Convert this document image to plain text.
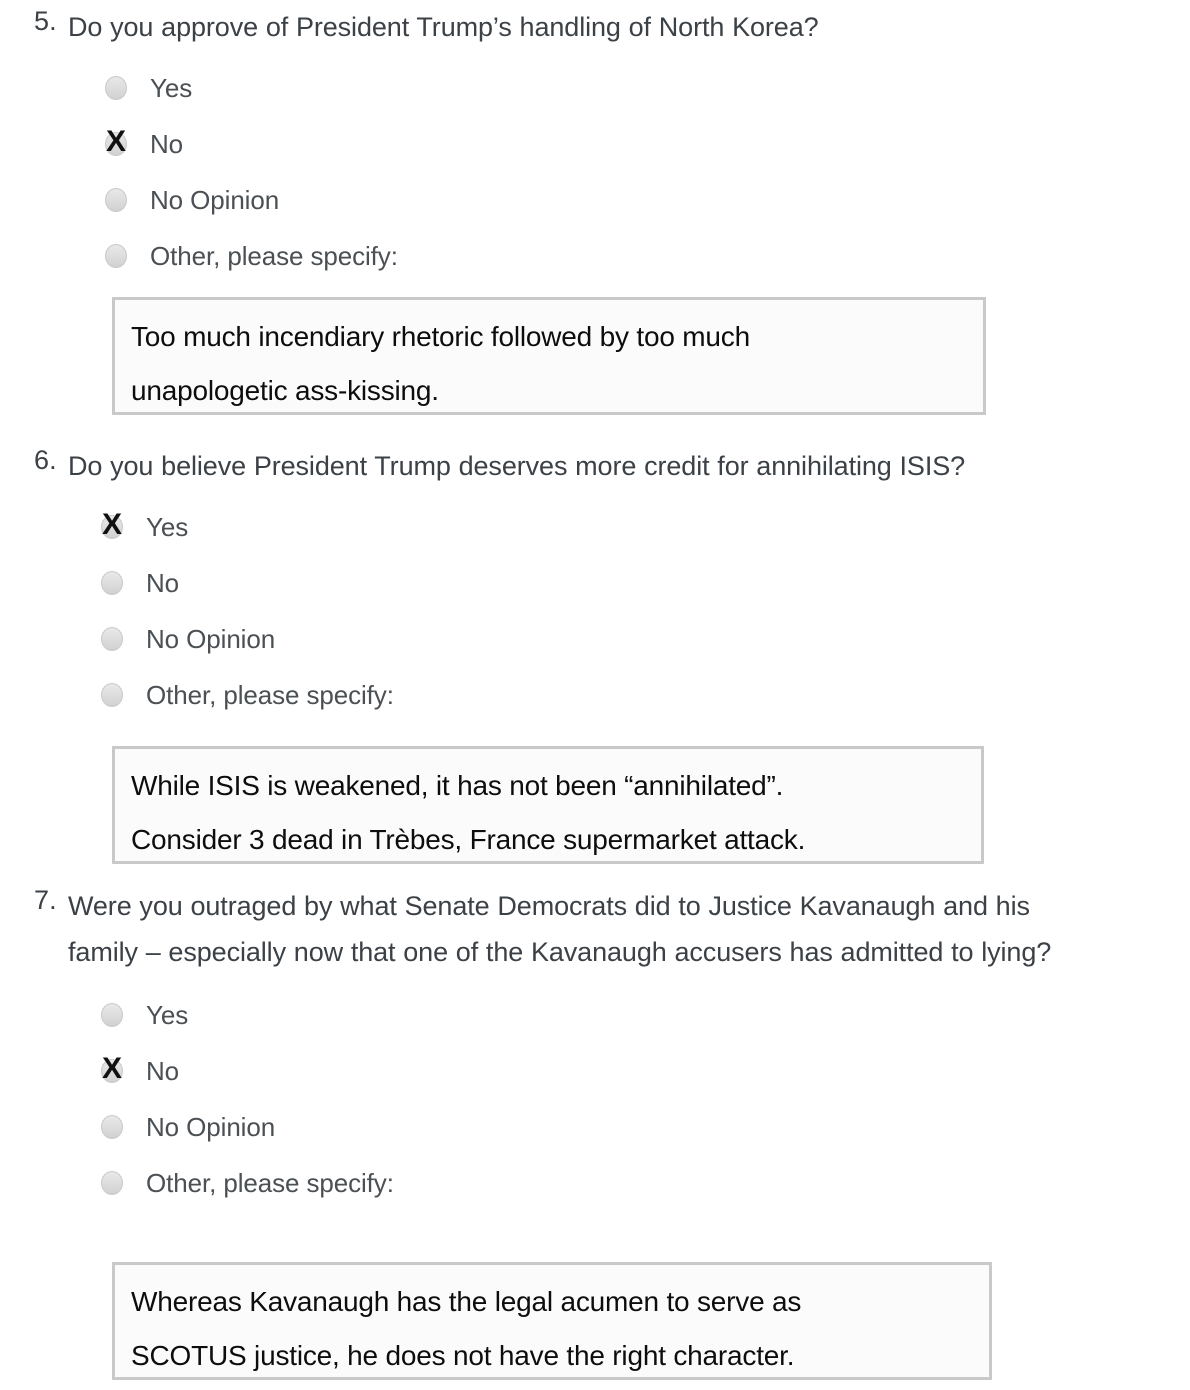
5. Do you approve of President Trump’s handling of North Korea?
Yes
X No
No Opinion
Other, please specify:
Too much incendiary rhetoric followed by too much
unapologetic ass-kissing.
6. Do you believe President Trump deserves more credit for annihilating ISIS?
X Yes
No
No Opinion
Other, please specify:
While ISIS is weakened, it has not been “annihilated”.
Consider 3 dead in Trèbes, France supermarket attack.
7. Were you outraged by what Senate Democrats did to Justice Kavanaugh and his family – especially now that one of the Kavanaugh accusers has admitted to lying?
Yes
X No
No Opinion
Other, please specify:
Whereas Kavanaugh has the legal acumen to serve as
SCOTUS justice, he does not have the right character.
